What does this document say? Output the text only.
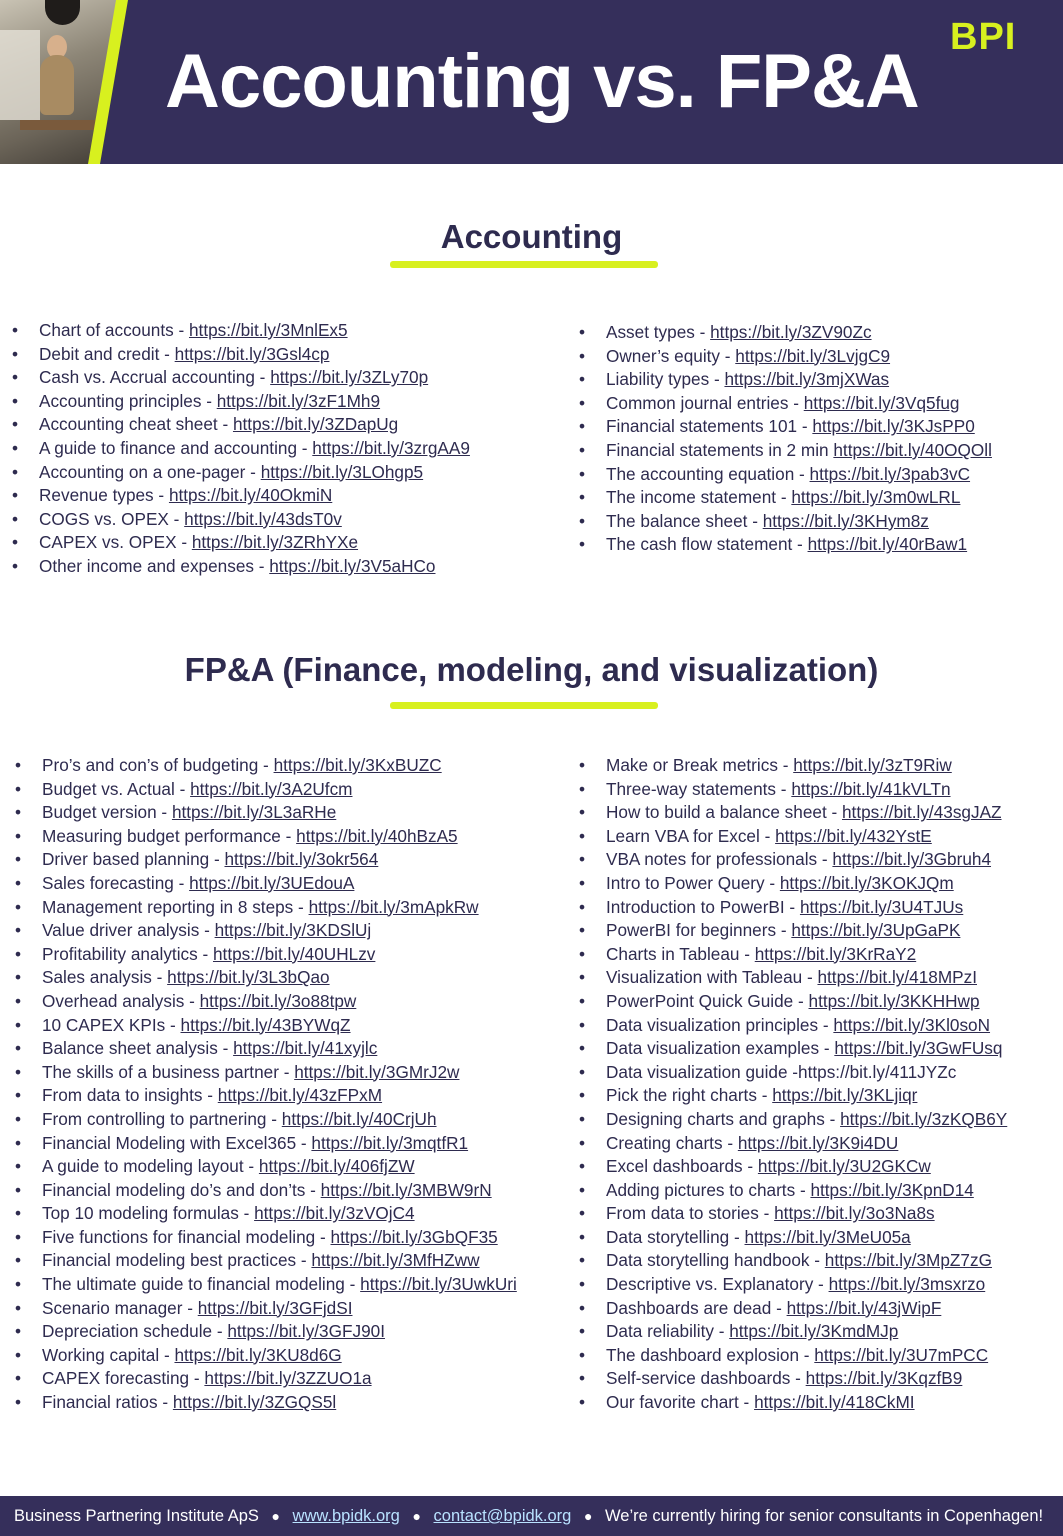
Accounting vs. FP&A
BPI
Accounting
• Chart of accounts - https://bit.ly/3MnlEx5
• Debit and credit - https://bit.ly/3Gsl4cp
• Cash vs. Accrual accounting - https://bit.ly/3ZLy70p
• Accounting principles - https://bit.ly/3zF1Mh9
• Accounting cheat sheet - https://bit.ly/3ZDapUg
• A guide to finance and accounting - https://bit.ly/3zrgAA9
• Accounting on a one-pager - https://bit.ly/3LOhgp5
• Revenue types - https://bit.ly/40OkmiN
• COGS vs. OPEX - https://bit.ly/43dsT0v
• CAPEX vs. OPEX - https://bit.ly/3ZRhYXe
• Other income and expenses - https://bit.ly/3V5aHCo
• Asset types - https://bit.ly/3ZV90Zc
• Owner’s equity - https://bit.ly/3LvjgC9
• Liability types - https://bit.ly/3mjXWas
• Common journal entries - https://bit.ly/3Vq5fug
• Financial statements 101 - https://bit.ly/3KJsPP0
• Financial statements in 2 min https://bit.ly/40OQOll
• The accounting equation - https://bit.ly/3pab3vC
• The income statement - https://bit.ly/3m0wLRL
• The balance sheet - https://bit.ly/3KHym8z
• The cash flow statement - https://bit.ly/40rBaw1
FP&A (Finance, modeling, and visualization)
• Pro’s and con’s of budgeting - https://bit.ly/3KxBUZC
• Budget vs. Actual - https://bit.ly/3A2Ufcm
• Budget version - https://bit.ly/3L3aRHe
• Measuring budget performance - https://bit.ly/40hBzA5
• Driver based planning - https://bit.ly/3okr564
• Sales forecasting - https://bit.ly/3UEdouA
• Management reporting in 8 steps - https://bit.ly/3mApkRw
• Value driver analysis - https://bit.ly/3KDSlUj
• Profitability analytics - https://bit.ly/40UHLzv
• Sales analysis - https://bit.ly/3L3bQao
• Overhead analysis - https://bit.ly/3o88tpw
• 10 CAPEX KPIs - https://bit.ly/43BYWqZ
• Balance sheet analysis - https://bit.ly/41xyjlc
• The skills of a business partner - https://bit.ly/3GMrJ2w
• From data to insights - https://bit.ly/43zFPxM
• From controlling to partnering - https://bit.ly/40CrjUh
• Financial Modeling with Excel365 - https://bit.ly/3mqtfR1
• A guide to modeling layout - https://bit.ly/406fjZW
• Financial modeling do’s and don’ts - https://bit.ly/3MBW9rN
• Top 10 modeling formulas - https://bit.ly/3zVOjC4
• Five functions for financial modeling - https://bit.ly/3GbQF35
• Financial modeling best practices - https://bit.ly/3MfHZww
• The ultimate guide to financial modeling - https://bit.ly/3UwkUri
• Scenario manager - https://bit.ly/3GFjdSI
• Depreciation schedule - https://bit.ly/3GFJ90I
• Working capital - https://bit.ly/3KU8d6G
• CAPEX forecasting - https://bit.ly/3ZZUO1a
• Financial ratios - https://bit.ly/3ZGQS5l
• Make or Break metrics - https://bit.ly/3zT9Riw
• Three-way statements - https://bit.ly/41kVLTn
• How to build a balance sheet - https://bit.ly/43sgJAZ
• Learn VBA for Excel - https://bit.ly/432YstE
• VBA notes for professionals - https://bit.ly/3Gbruh4
• Intro to Power Query - https://bit.ly/3KOKJQm
• Introduction to PowerBI - https://bit.ly/3U4TJUs
• PowerBI for beginners - https://bit.ly/3UpGaPK
• Charts in Tableau - https://bit.ly/3KrRaY2
• Visualization with Tableau - https://bit.ly/418MPzI
• PowerPoint Quick Guide - https://bit.ly/3KKHHwp
• Data visualization principles - https://bit.ly/3Kl0soN
• Data visualization examples - https://bit.ly/3GwFUsq
• Data visualization guide -https://bit.ly/411JYZc
• Pick the right charts - https://bit.ly/3KLjiqr
• Designing charts and graphs - https://bit.ly/3zKQB6Y
• Creating charts - https://bit.ly/3K9i4DU
• Excel dashboards - https://bit.ly/3U2GKCw
• Adding pictures to charts - https://bit.ly/3KpnD14
• From data to stories - https://bit.ly/3o3Na8s
• Data storytelling - https://bit.ly/3MeU05a
• Data storytelling handbook - https://bit.ly/3MpZ7zG
• Descriptive vs. Explanatory - https://bit.ly/3msxrzo
• Dashboards are dead - https://bit.ly/43jWipF
• Data reliability - https://bit.ly/3KmdMJp
• The dashboard explosion - https://bit.ly/3U7mPCC
• Self-service dashboards - https://bit.ly/3KqzfB9
• Our favorite chart - https://bit.ly/418CkMI
Business Partnering Institute ApS ● www.bpidk.org ● contact@bpidk.org ● We’re currently hiring for senior consultants in Copenhagen!
